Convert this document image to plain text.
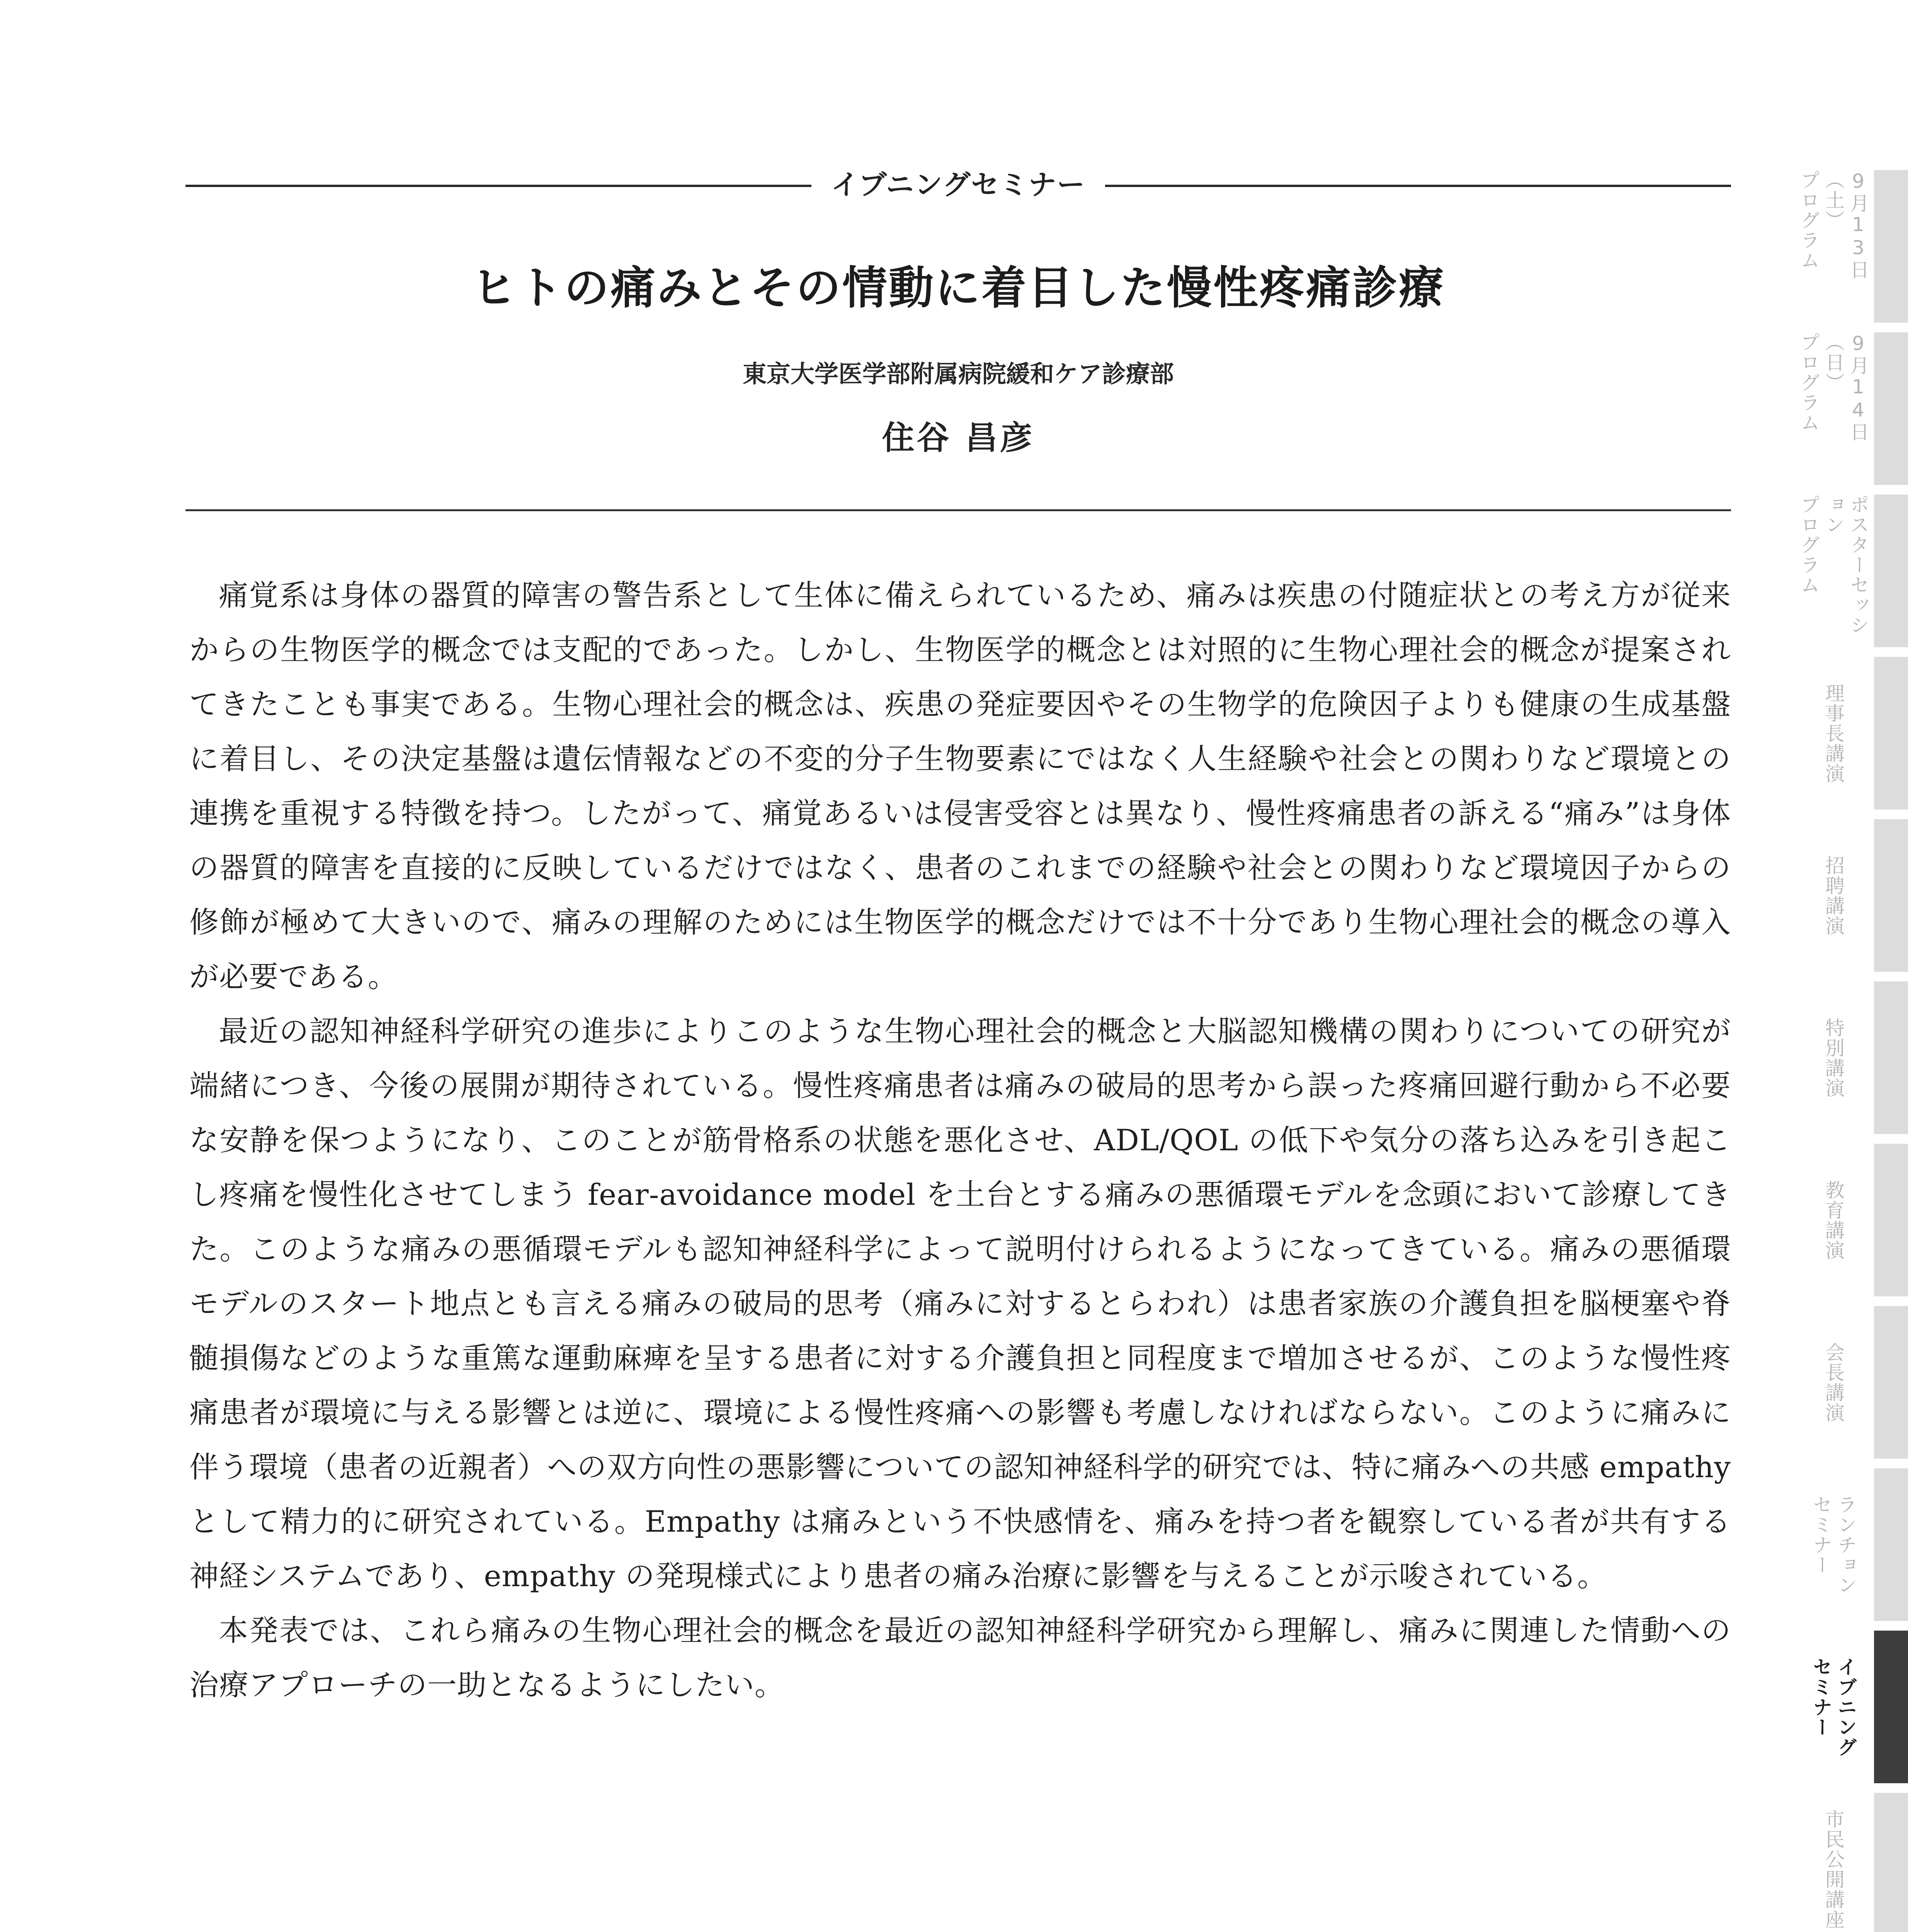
イブニングセミナー
ヒトの痛みとその情動に着目した慢性疼痛診療
東京大学医学部附属病院緩和ケア診療部
住谷 昌彦

痛覚系は身体の器質的障害の警告系として生体に備えられているため、痛みは疾患の付随症状との考え方が従来からの生物医学的概念では支配的であった。しかし、生物医学的概念とは対照的に生物心理社会的概念が提案されてきたことも事実である。生物心理社会的概念は、疾患の発症要因やその生物学的危険因子よりも健康の生成基盤に着目し、その決定基盤は遺伝情報などの不変的分子生物要素にではなく人生経験や社会との関わりなど環境との連携を重視する特徴を持つ。したがって、痛覚あるいは侵害受容とは異なり、慢性疼痛患者の訴える“痛み”は身体の器質的障害を直接的に反映しているだけではなく、患者のこれまでの経験や社会との関わりなど環境因子からの修飾が極めて大きいので、痛みの理解のためには生物医学的概念だけでは不十分であり生物心理社会的概念の導入が必要である。

最近の認知神経科学研究の進歩によりこのような生物心理社会的概念と大脳認知機構の関わりについての研究が端緒につき、今後の展開が期待されている。慢性疼痛患者は痛みの破局的思考から誤った疼痛回避行動から不必要な安静を保つようになり、このことが筋骨格系の状態を悪化させ、ADL/QOL の低下や気分の落ち込みを引き起こし疼痛を慢性化させてしまう fear-avoidance model を土台とする痛みの悪循環モデルを念頭において診療してきた。このような痛みの悪循環モデルも認知神経科学によって説明付けられるようになってきている。痛みの悪循環モデルのスタート地点とも言える痛みの破局的思考（痛みに対するとらわれ）は患者家族の介護負担を脳梗塞や脊髄損傷などのような重篤な運動麻痺を呈する患者に対する介護負担と同程度まで増加させるが、このような慢性疼痛患者が環境に与える影響とは逆に、環境による慢性疼痛への影響も考慮しなければならない。このように痛みに伴う環境（患者の近親者）への双方向性の悪影響についての認知神経科学的研究では、特に痛みへの共感 empathy として精力的に研究されている。Empathy は痛みという不快感情を、痛みを持つ者を観察している者が共有する神経システムであり、empathy の発現様式により患者の痛み治療に影響を与えることが示唆されている。

本発表では、これら痛みの生物心理社会的概念を最近の認知神経科学研究から理解し、痛みに関連した情動への治療アプローチの一助となるようにしたい。

9月13日（土）
プログラム
9月14日（日）
プログラム
ポスターセッション
プログラム
理事長講演
招聘講演
特別講演
教育講演
会長講演
ランチョン
セミナー
イブニング
セミナー
市民公開講座
